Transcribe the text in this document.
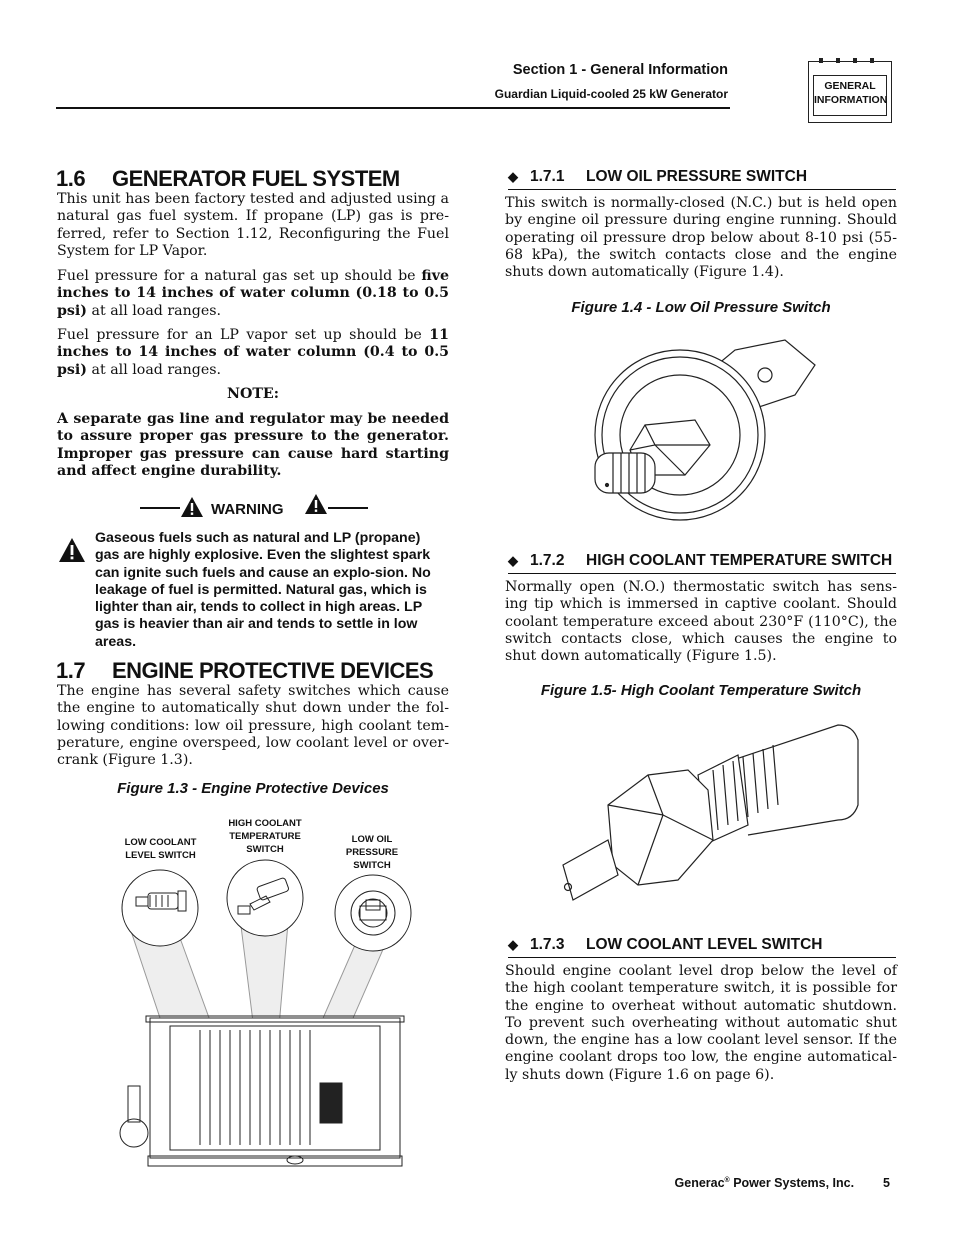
Section 1 - General Information
Guardian Liquid-cooled 25 kW Generator
GENERAL
INFORMATION
1.6 GENERATOR FUEL SYSTEM
This unit has been factory tested and adjusted using a natural gas fuel system. If propane (LP) gas is pre-ferred, refer to Section 1.12, Reconfiguring the Fuel System for LP Vapor.
Fuel pressure for a natural gas set up should be five inches to 14 inches of water column (0.18 to 0.5 psi) at all load ranges.
Fuel pressure for an LP vapor set up should be 11 inches to 14 inches of water column (0.4 to 0.5 psi) at all load ranges.
NOTE:
A separate gas line and regulator may be needed to assure proper gas pressure to the generator. Improper gas pressure can cause hard starting and affect engine durability.
WARNING
Gaseous fuels such as natural and LP (propane) gas are highly explosive. Even the slightest spark can ignite such fuels and cause an explo-sion. No leakage of fuel is permitted. Natural gas, which is lighter than air, tends to collect in high areas. LP gas is heavier than air and tends to settle in low areas.
1.7 ENGINE PROTECTIVE DEVICES
The engine has several safety switches which cause the engine to automatically shut down under the fol-lowing conditions: low oil pressure, high coolant tem-perature, engine overspeed, low coolant level or over-crank (Figure 1.3).
Figure 1.3 - Engine Protective Devices
LOW COOLANT
LEVEL SWITCH
HIGH COOLANT
TEMPERATURE
SWITCH
LOW OIL
PRESSURE
SWITCH
◆ 1.7.1 LOW OIL PRESSURE SWITCH
This switch is normally-closed (N.C.) but is held open by engine oil pressure during engine running. Should operating oil pressure drop below about 8-10 psi (55-68 kPa), the switch contacts close and the engine shuts down automatically (Figure 1.4).
Figure 1.4 - Low Oil Pressure Switch
◆ 1.7.2 HIGH COOLANT TEMPERATURE SWITCH
Normally open (N.O.) thermostatic switch has sens-ing tip which is immersed in captive coolant. Should coolant temperature exceed about 230°F (110°C), the switch contacts close, which causes the engine to shut down automatically (Figure 1.5).
Figure 1.5- High Coolant Temperature Switch
◆ 1.7.3 LOW COOLANT LEVEL SWITCH
Should engine coolant level drop below the level of the high coolant temperature switch, it is possible for the engine to overheat without automatic shutdown. To prevent such overheating without automatic shut down, the engine has a low coolant level sensor. If the engine coolant drops too low, the engine automatical-ly shuts down (Figure 1.6 on page 6).
Generac® Power Systems, Inc. 5
